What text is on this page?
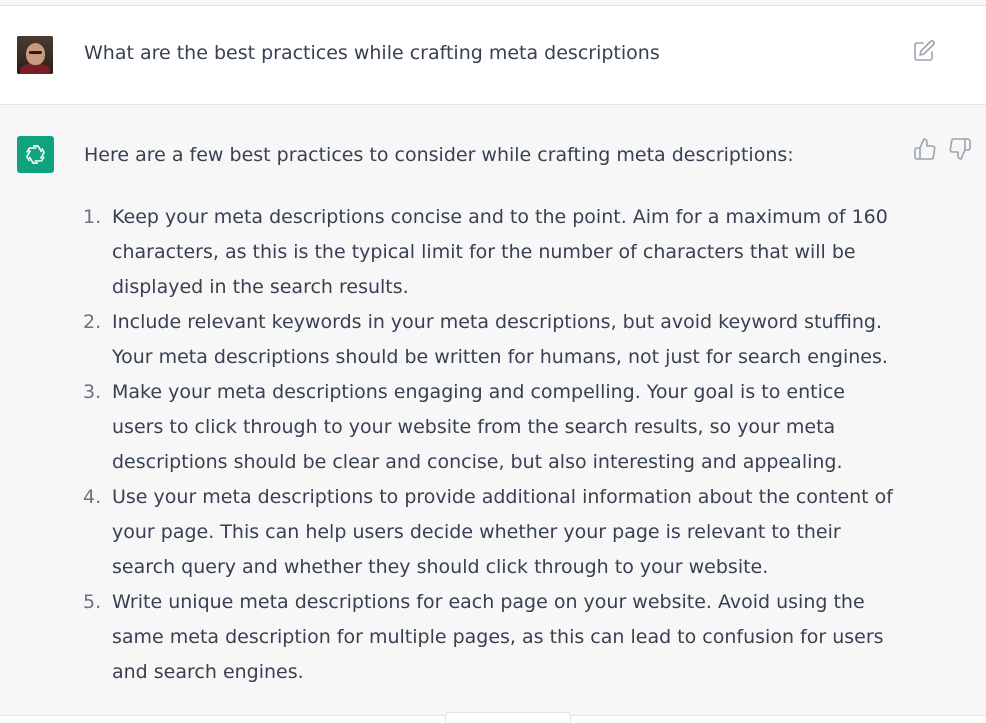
What are the best practices while crafting meta descriptions
Here are a few best practices to consider while crafting meta descriptions:
1. Keep your meta descriptions concise and to the point. Aim for a maximum of 160 characters, as this is the typical limit for the number of characters that will be displayed in the search results.
2. Include relevant keywords in your meta descriptions, but avoid keyword stuffing. Your meta descriptions should be written for humans, not just for search engines.
3. Make your meta descriptions engaging and compelling. Your goal is to entice users to click through to your website from the search results, so your meta descriptions should be clear and concise, but also interesting and appealing.
4. Use your meta descriptions to provide additional information about the content of your page. This can help users decide whether your page is relevant to their search query and whether they should click through to your website.
5. Write unique meta descriptions for each page on your website. Avoid using the same meta description for multiple pages, as this can lead to confusion for users and search engines.
